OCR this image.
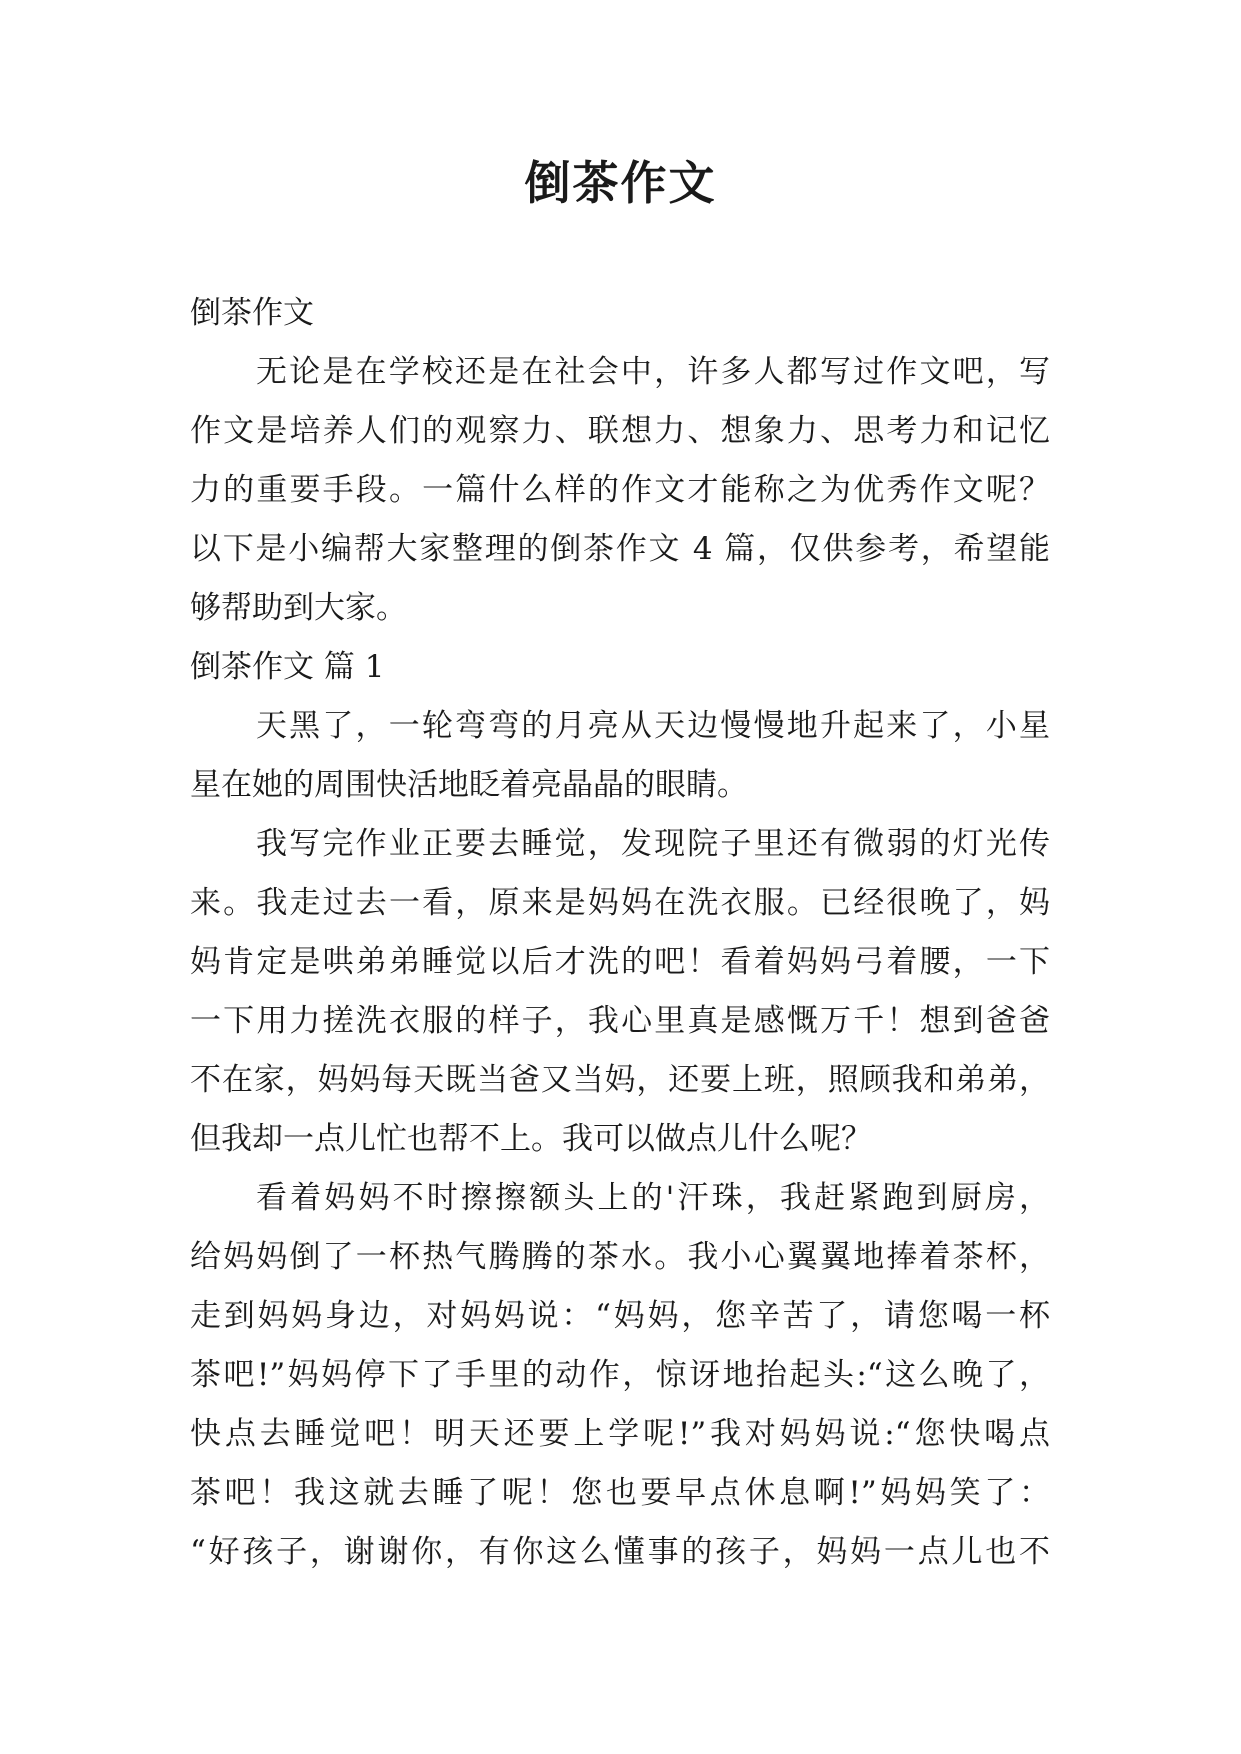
倒茶作文

倒茶作文

无论是在学校还是在社会中，许多人都写过作文吧，写

作文是培养人们的观察力、联想力、想象力、思考力和记忆

力的重要手段。一篇什么样的作文才能称之为优秀作文呢？

以下是小编帮大家整理的倒茶作文 4 篇，仅供参考，希望能

够帮助到大家。

倒茶作文 篇 1

天黑了，一轮弯弯的月亮从天边慢慢地升起来了，小星

星在她的周围快活地眨着亮晶晶的眼睛。

我写完作业正要去睡觉，发现院子里还有微弱的灯光传

来。我走过去一看，原来是妈妈在洗衣服。已经很晚了，妈

妈肯定是哄弟弟睡觉以后才洗的吧！看着妈妈弓着腰，一下

一下用力搓洗衣服的样子，我心里真是感慨万千！想到爸爸

不在家，妈妈每天既当爸又当妈，还要上班，照顾我和弟弟，

但我却一点儿忙也帮不上。我可以做点儿什么呢？

看着妈妈不时擦擦额头上的'汗珠，我赶紧跑到厨房，

给妈妈倒了一杯热气腾腾的茶水。我小心翼翼地捧着茶杯，

走到妈妈身边，对妈妈说：“妈妈，您辛苦了，请您喝一杯

茶吧!”妈妈停下了手里的动作，惊讶地抬起头:“这么晚了，

快点去睡觉吧！明天还要上学呢!”我对妈妈说:“您快喝点

茶吧！我这就去睡了呢！您也要早点休息啊!”妈妈笑了：

“好孩子，谢谢你，有你这么懂事的孩子，妈妈一点儿也不
